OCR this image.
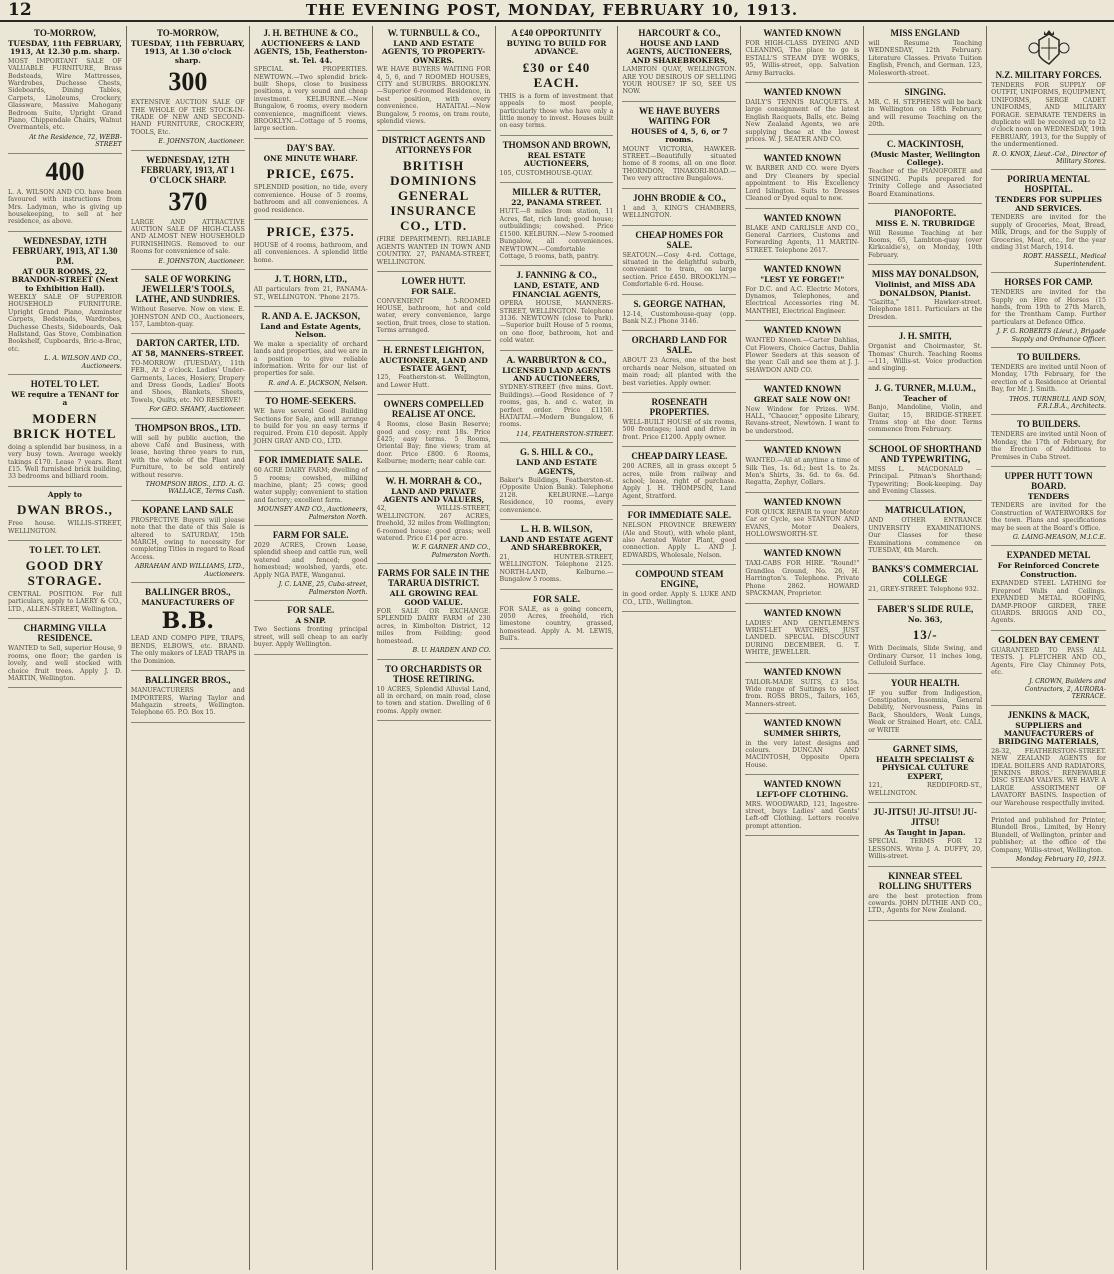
12	THE EVENING POST, MONDAY, FEBRUARY 10, 1913.
TO-MORROW,
TUESDAY, 11th FEBRUARY, 1913, At 12.30 p.m. sharp.

MOST IMPORTANT SALE OF VALUABLE FURNITURE, Brass Bedsteads, Wire Mattresses, Wardrobes, Duchesse Chests, Sideboards, Dining Tables, Carpets, Linoleums, Crockery, Glassware, Massive Mahogany Bedroom Suite, Upright Grand Piano, Chippendale Chairs, Walnut Overmantels, etc.

At the Residence, 72, WEBB-STREET
400

L. A. WILSON AND CO. have been favoured with instructions from Mrs. Ladyman, who is giving up housekeeping, to sell at her residence, as above.

WEDNESDAY, 12TH FEBRUARY, 1913, AT 1.30 P.M.
AT OUR ROOMS, 22, BRANDON-STREET (Next to Exhibition Hall).

WEEKLY SALE OF SUPERIOR HOUSEHOLD FURNITURE. Upright Grand Piano, Axminster Carpets, Bedsteads, Wardrobes, Duchesse Chests, Sideboards, Oak Hallstand, Gas Stove, Combination Bookshelf, Cupboards, Bric-a-Brac, etc.

L. A. WILSON AND CO., Auctioneers.
HOTEL TO LET.
WE require a TENANT for a
MODERN BRICK HOTEL

doing a splendid bar business, in a very busy town. Average weekly takings £170. Lease 7 years. Rent £15. Well furnished brick building, 33 bedrooms and billiard room.

Apply to
DWAN BROS.,

Free house. WILLIS-STREET, WELLINGTON.

TO LET. TO LET.
GOOD DRY STORAGE.

CENTRAL POSITION. For full particulars, apply to LAERY & CO., LTD., ALLEN-STREET, Wellington.

CHARMING VILLA RESIDENCE.

WANTED to Sell, superior House, 9 rooms, one floor; the garden is lovely, and well stocked with choice fruit trees. Apply J. D. MARTIN, Wellington.

TO-MORROW,
TUESDAY, 11th FEBRUARY, 1913, At 1.30 o'clock sharp.
300

EXTENSIVE AUCTION SALE OF THE WHOLE OF THE STOCK-IN-TRADE OF NEW AND SECOND-HAND FURNITURE, CROCKERY, TOOLS, Etc.

E. JOHNSTON, Auctioneer.
WEDNESDAY, 12TH FEBRUARY, 1913, AT 1 O'CLOCK SHARP.
370

LARGE AND ATTRACTIVE AUCTION SALE OF HIGH-CLASS AND ALMOST NEW HOUSEHOLD FURNISHINGS. Removed to our Rooms for convenience of sale.

E. JOHNSTON, Auctioneer.
SALE OF WORKING JEWELLER'S TOOLS, LATHE, AND SUNDRIES.

Without Reserve. Now on view. E. JOHNSTON AND CO., Auctioneers, 157, Lambton-quay.

DARTON CARTER, LTD.
AT 58, MANNERS-STREET.

TO-MORROW (TUESDAY), 11th FEB., At 2 o'clock. Ladies' Under-Garments, Laces, Hosiery, Drapery and Dress Goods, Ladies' Boots and Shoes, Blankets, Sheets, Towels, Quilts, etc. NO RESERVE!

For GEO. SHAMY, Auctioneer.
THOMPSON BROS., LTD.

will sell by public auction, the above Café and Business, with lease, having three years to run, with the whole of the Plant and Furniture, to be sold entirely without reserve.

THOMPSON BROS., LTD. A. G. WALLACE, Terms Cash.
KOPANE LAND SALE

PROSPECTIVE Buyers will please note that the date of this Sale is altered to SATURDAY, 15th MARCH, owing to necessity for completing Titles in regard to Road Access.

ABRAHAM AND WILLIAMS, LTD., Auctioneers.
BALLINGER BROS.,
MANUFACTURERS OF
B.B.

LEAD AND COMPO PIPE, TRAPS, BENDS, ELBOWS, etc. BRAND. The only makers of LEAD TRAPS in the Dominion.

BALLINGER BROS.,

MANUFACTURERS and IMPORTERS, Waring Taylor and Mahgazin streets, Wellington. Telephone 65. P.O. Box 15.

J. H. BETHUNE & CO.,
AUCTIONEERS & LAND AGENTS, 15b, Featherston-st. Tel. 44.

SPECIAL PROPERTIES. NEWTOWN.—Two splendid brick-built Shops, close to business positions, a very sound and cheap investment. KELBURNE.—New Bungalow, 6 rooms, every modern convenience, magnificent views. BROOKLYN.—Cottage of 5 rooms, large section.

DAY'S BAY.
ONE MINUTE WHARF.
PRICE, £675.

SPLENDID position, no tide, every convenience. House of 5 rooms, bathroom and all conveniences. A good residence.

PRICE, £375.

HOUSE of 4 rooms, bathroom, and all conveniences. A splendid little home.

J. T. HORN, LTD.,

All particulars from 21, PANAMA-ST., WELLINGTON. 'Phone 2175.

R. AND A. E. JACKSON,
Land and Estate Agents, Nelson.

We make a speciality of orchard lands and properties, and we are in a position to give reliable information. Write for our list of properties for sale.

R. and A. E. JACKSON, Nelson.
TO HOME-SEEKERS.

WE have several Good Building Sections for Sale, and will arrange to build for you on easy terms if required. From £10 deposit. Apply JOHN GRAY AND CO., LTD.

FOR IMMEDIATE SALE.

60 ACRE DAIRY FARM; dwelling of 5 rooms; cowshed, milking machine, plant; 25 cows; good water supply; convenient to station and factory; excellent farm.

MOUNSEY AND CO., Auctioneers, Palmerston North.
FARM FOR SALE.

2029 ACRES, Crown Lease, splendid sheep and cattle run, well watered and fenced; good homestead; woolshed, yards, etc. Apply NGA PATE, Wanganui.

J. C. LANE, 25, Cuba-street, Palmerston North.
FOR SALE.
A SNIP.

Two Sections fronting principal street, will sell cheap to an early buyer. Apply Wellington.

W. TURNBULL & CO.,
LAND AND ESTATE AGENTS, TO PROPERTY-OWNERS.

WE HAVE BUYERS WAITING FOR 4, 5, 6, and 7 ROOMED HOUSES, CITY and SUBURBS. BROOKLYN.—Superior 6-roomed Residence, in best position, with every convenience. HATAITAI.—New Bungalow, 5 rooms, on tram route, splendid views.

DISTRICT AGENTS AND ATTORNEYS FOR
BRITISH DOMINIONS GENERAL INSURANCE CO., LTD.

(FIRE DEPARTMENT). RELIABLE AGENTS WANTED IN TOWN AND COUNTRY. 27, PANAMA-STREET, WELLINGTON.

LOWER HUTT.
FOR SALE.

CONVENIENT 5-ROOMED HOUSE, bathroom, hot and cold water, every convenience, large section, fruit trees, close to station. Terms arranged.

H. ERNEST LEIGHTON,
AUCTIONEER, LAND AND ESTATE AGENT,

125, Featherston-st. Wellington, and Lower Hutt.

OWNERS COMPELLED REALISE AT ONCE.

4 Rooms, close Basin Reserve; good and cosy; rent 18s. Price £425; easy terms. 5 Rooms, Oriental Bay; fine views; tram at door. Price £800. 6 Rooms, Kelburne; modern; near cable car.

W. H. MORRAH & CO.,
LAND AND PRIVATE AGENTS AND VALUERS,

42, WILLIS-STREET, WELLINGTON. 267 ACRES, freehold, 32 miles from Wellington; 6-roomed house; good grass; well watered. Price £14 per acre.

W. F. GARNER AND CO., Palmerston North.
FARMS FOR SALE IN THE TARARUA DISTRICT.
ALL GROWING REAL GOOD VALUE.

FOR SALE OR EXCHANGE. SPLENDID DAIRY FARM of 230 acres, in Kimbolton District, 12 miles from Feilding; good homestead.

B. U. HARDEN AND CO.
TO ORCHARDISTS OR THOSE RETIRING.

10 ACRES, Splendid Alluvial Land, all in orchard, on main road, close to town and station. Dwelling of 6 rooms. Apply owner.

A £40 OPPORTUNITY
BUYING TO BUILD FOR ADVANCE.
£30 or £40 EACH.

THIS is a form of investment that appeals to most people, particularly those who have only a little money to invest. Houses built on easy terms.

THOMSON AND BROWN,
REAL ESTATE AUCTIONEERS,

105, CUSTOMHOUSE-QUAY.

MILLER & RUTTER,
22, PANAMA STREET.

HUTT.—8 miles from station, 11 Acres, flat, rich land; good house; outbuildings; cowshed. Price £1500. KELBURN.—New 5-roomed Bungalow, all conveniences. NEWTOWN.—Comfortable Cottage, 5 rooms, bath, pantry.

J. FANNING & CO.,
LAND, ESTATE, AND FINANCIAL AGENTS,

OPERA HOUSE, MANNERS-STREET, WELLINGTON. Telephone 3136. NEWTOWN (close to Park).—Superior built House of 5 rooms, on one floor, bathroom, hot and cold water.

A. WARBURTON & CO.,
LICENSED LAND AGENTS AND AUCTIONEERS,

SYDNEY-STREET (five mins. Govt. Buildings).—Good Residence of 7 rooms, gas, h. and c. water, in perfect order. Price £1150. HATAITAI.—Modern Bungalow, 6 rooms.

114, FEATHERSTON-STREET.
G. S. HILL & CO.,
LAND AND ESTATE AGENTS,

Baker's Buildings, Featherston-st. (Opposite Union Bank). Telephone 2128. KELBURNE.—Large Residence, 10 rooms, every convenience.

L. H. B. WILSON,
LAND AND ESTATE AGENT AND SHAREBROKER,

21, HUNTER-STREET, WELLINGTON. Telephone 2125. NORTH-LAND, Kelburne.—Bungalow 5 rooms.

FOR SALE.

FOR SALE, as a going concern, 2050 Acres, freehold, rich limestone country, grassed, homestead. Apply A. M. LEWIS, Bull's.

HARCOURT & CO.,
HOUSE AND LAND AGENTS, AUCTIONEERS, AND SHAREBROKERS,

LAMBTON QUAY, WELLINGTON. ARE YOU DESIROUS OF SELLING YOUR HOUSE? IF SO, SEE US NOW.

WE HAVE BUYERS WAITING FOR
HOUSES of 4, 5, 6, or 7 rooms.

MOUNT VICTORIA, HAWKER-STREET.—Beautifully situated home of 8 rooms, all on one floor. THORNDON, TINAKORI-ROAD.—Two very attractive Bungalows.

JOHN BRODIE & CO.,

1 and 3, KING'S CHAMBERS, WELLINGTON.

CHEAP HOMES FOR SALE.

SEATOUN.—Cosy 4-rd. Cottage, situated in the delightful suburb, convenient to tram, on large section. Price £450. BROOKLYN.—Comfortable 6-rd. House.

S. GEORGE NATHAN,

12-14, Customhouse-quay (opp. Bank N.Z.) Phone 3146.

ORCHARD LAND FOR SALE.

ABOUT 23 Acres, one of the best orchards near Nelson, situated on main road; all planted with the best varieties. Apply owner.

ROSENEATH PROPERTIES.

WELL-BUILT HOUSE of six rooms, 500 frontages; land and drive in front. Price £1200. Apply owner.

CHEAP DAIRY LEASE.

200 ACRES, all in grass except 5 acres, mile from railway and school; lease, right of purchase. Apply J. H. THOMPSON, Land Agent, Stratford.

FOR IMMEDIATE SALE.

NELSON PROVINCE BREWERY (Ale and Stout), with whole plant, also Aerated Water Plant, good connection. Apply L. AND J. EDWARDS, Wholesale, Nelson.

COMPOUND STEAM ENGINE,

in good order. Apply S. LUKE AND CO., LTD., Wellington.

WANTED KNOWN

FOR HIGH-CLASS DYEING AND CLEANING, The place to go is ESTALL'S STEAM DYE WORKS, 95, Willis-street, opp. Salvation Army Barracks.

WANTED KNOWN

DAILY'S TENNIS RACQUETS. A large consignment of the latest English Racquets, Balls, etc. Being New Zealand Agents, we are supplying these at the lowest prices. W. J. SEATER AND CO.

WANTED KNOWN

W. BARBER AND CO. were Dyers and Dry Cleaners by special appointment to His Excellency Lord Islington. Suits to Dresses Cleaned or Dyed equal to new.

WANTED KNOWN

BLAKE AND CARLISLE AND CO., General Carriers, Customs and Forwarding Agents, 11 MARTIN-STREET. Telephone 2617.

WANTED KNOWN
"LEST YE FORGET!"

For D.C. and A.C. Electric Motors, Dynamos, Telephones, and Electrical Accessories ring M. MANTHEI, Electrical Engineer.

WANTED KNOWN

WANTED Known.—Carter Dahlias, Cut Flowers, Choice Cactus, Dahlia Flower Seeders at this season of the year. Call and see them at J. J. SHAWDON AND CO.

WANTED KNOWN
GREAT SALE NOW ON!

New Window for Prizes. WM. HALL, "Chaucer," opposite Library, Revans-street, Newtown. I want to be understood.

WANTED KNOWN

WANTED.—All at anytime a time of Silk Ties, 1s. 6d.; best 1s. to 2s. Men's Shirts, 3s. 6d. to 6s. 6d. Regatta, Zephyr, Collars.

WANTED KNOWN

FOR QUICK REPAIR to your Motor Car or Cycle, see STANTON AND EVANS, Motor Dealers, HOLLOWSWORTH-ST.

WANTED KNOWN

TAXI-CABS FOR HIRE. "Round!" Grandlea Ground, No. 26, H. Harrington's. Telephone. Private Phone 2862. HOWARD SPACKMAN, Proprietor.

WANTED KNOWN

LADIES' AND GENTLEMEN'S WRIST-LET WATCHES, JUST LANDED. SPECIAL DISCOUNT DURING DECEMBER. G. T. WHITE, JEWELLER.

WANTED KNOWN

TAILOR-MADE SUITS, £3 15s. Wide range of Suitings to select from. ROSS BROS., Tailors, 165, Manners-street.

WANTED KNOWN
SUMMER SHIRTS,

in the very latest designs and colours. DUNCAN AND MACINTOSH, Opposite Opera House.

WANTED KNOWN
LEFT-OFF CLOTHING.

MRS. WOODWARD, 121, Ingestre-street, buys Ladies' and Gents' Left-off Clothing. Letters receive prompt attention.

MISS ENGLAND

will Resume Teaching WEDNESDAY, 12th February. Literature Classes. Private Tuition English, French, and German. 123, Molesworth-street.

SINGING.

MR. C. H. STEPHENS will be back in Wellington on 18th February, and will resume Teaching on the 20th.

C. MACKINTOSH,
(Music Master, Wellington College).

Teacher of the PIANOFORTE and SINGING. Pupils prepared for Trinity College and Associated Board Examinations.

PIANOFORTE.
MISS E. N. TRUBRIDGE

Will Resume Teaching at her Rooms, 65, Lambton-quay (over Kirkcaldie's), on Monday, 10th February.

MISS MAY DONALDSON,
Violinist, and MISS ADA DONALDSON, Pianist.

"Gazitta," Hawker-street. Telephone 1811. Particulars at the Dresden.

J. H. SMITH,

Organist and Choirmaster, St. Thomas' Church. Teaching Rooms—111, Willis-st. Voice production and singing.

J. G. TURNER, M.I.U.M.,
Teacher of

Banjo, Mandoline, Violin, and Guitar, 15, BRIDGE-STREET. Trams stop at the door. Terms commence from February.

SCHOOL OF SHORTHAND AND TYPEWRITING,

MISS L. MACDONALD — Principal. Pitman's Shorthand; Typewriting; Book-keeping. Day and Evening Classes.

MATRICULATION,

AND OTHER ENTRANCE UNIVERSITY EXAMINATIONS. Our Classes for these Examinations commence on TUESDAY, 4th March.

BANKS'S COMMERCIAL COLLEGE

21, GREY-STREET. Telephone 932.

FABER'S SLIDE RULE,
No. 363,
13/-

With Decimals, Slide Swing, and Ordinary Cursor, 11 inches long, Celluloid Surface.

YOUR HEALTH.

IF you suffer from Indigestion, Constipation, Insomnia, General Debility, Nervousness, Pains in Back, Shoulders, Weak Lungs, Weak or Strained Heart, etc. CALL or WRITE

GARNET SIMS,
HEALTH SPECIALIST & PHYSICAL CULTURE EXPERT,

121, REDDIFORD-ST., WELLINGTON.

JU-JITSU! JU-JITSU! JU-JITSU!
As Taught in Japan.

SPECIAL TERMS FOR 12 LESSONS. Write J. A. DUFFY, 20, Willis-street.

KINNEAR STEEL ROLLING SHUTTERS

are the best protection from cowards. JOHN DUTHIE AND CO., LTD., Agents for New Zealand.

N.Z. MILITARY FORCES.

TENDERS FOR SUPPLY OF OUTFIT, UNIFORMS, EQUIPMENT, UNIFORMS, SERGE CADET UNIFORMS, AND MILITARY FORAGE. SEPARATE TENDERS in duplicate will be received up to 12 o'clock noon on WEDNESDAY, 19th FEBRUARY, 1913, for the Supply of the undermentioned.

R. O. KNOX, Lieut.-Col., Director of Military Stores.
PORIRUA MENTAL HOSPITAL.
TENDERS FOR SUPPLIES AND SERVICES.

TENDERS are invited for the supply of Groceries, Meat, Bread, Milk, Drugs, and for the Supply of Groceries, Meat, etc., for the year ending 31st March, 1914.

ROBT. HASSELL, Medical Superintendent.
HORSES FOR CAMP.

TENDERS are invited for the Supply on Hire of Horses (15 hands, from 19th to 27th March, for the Trentham Camp. Further particulars at Defence Office.

J. F. G. ROBERTS (Lieut.), Brigade Supply and Ordnance Officer.
TO BUILDERS.

TENDERS are invited until Noon of Monday, 17th February, for the erection of a Residence at Oriental Bay, for Mr. J. Smith.

THOS. TURNBULL AND SON, F.R.I.B.A., Architects.
TO BUILDERS.

TENDERS are invited until Noon of Monday, the 17th of February, for the Erection of Additions to Premises in Cuba Street.

UPPER HUTT TOWN BOARD.
TENDERS

TENDERS are invited for the Construction of WATERWORKS for the town. Plans and specifications may be seen at the Board's Office.

G. LAING-MEASON, M.I.C.E.
EXPANDED METAL
For Reinforced Concrete Construction.

EXPANDED STEEL LATHING for Fireproof Walls and Ceilings. EXPANDED METAL ROOFING, DAMP-PROOF GIRDER, TREE GUARDS. BRIGGS AND CO., Agents.

GOLDEN BAY CEMENT

GUARANTEED TO PASS ALL TESTS. J. FLETCHER AND CO., Agents, Fire Clay Chimney Pots, etc.

J. CROWN, Builders and Contractors, 2, AURORA-TERRACE.
JENKINS & MACK,
SUPPLIERS and MANUFACTURERS of BRIDGING MATERIALS,

28-32, FEATHERSTON-STREET. NEW ZEALAND AGENTS for IDEAL BOILERS AND RADIATORS, JENKINS BROS.' RENEWABLE DISC STEAM VALVES. WE HAVE A LARGE ASSORTMENT OF LAVATORY BASINS. Inspection of our Warehouse respectfully invited.

Printed and published for Printer, Blundell Bros., Limited, by Henry Blundell, of Wellington, printer and publisher; at the office of the Company, Willis-street, Wellington.

Monday, February 10, 1913.
